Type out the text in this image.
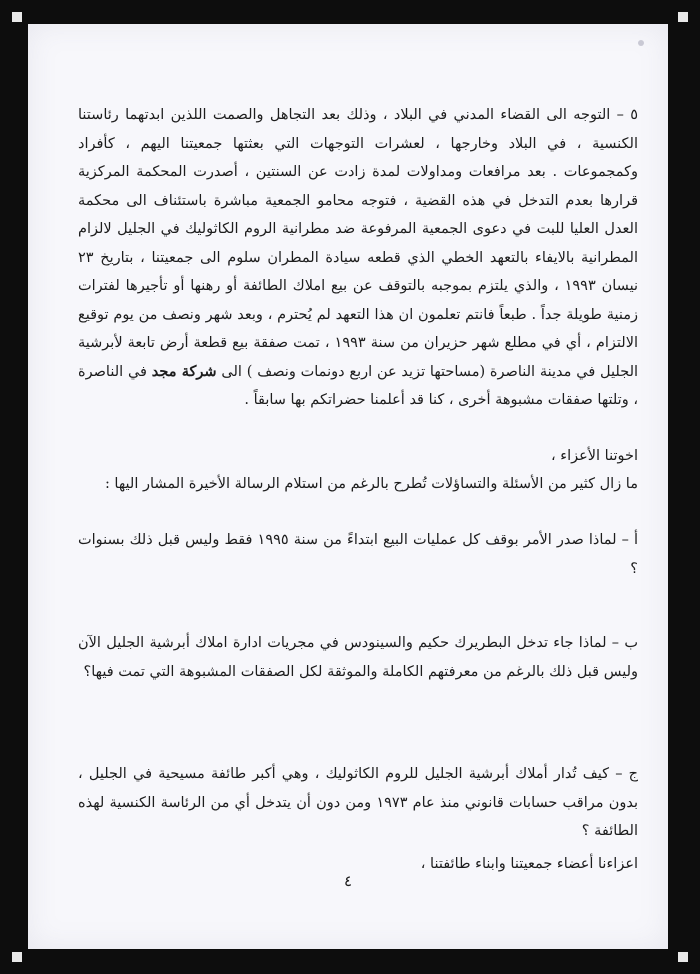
٥ – التوجه الى القضاء المدني في البلاد ، وذلك بعد التجاهل والصمت اللذين ابدتهما رئاستنا الكنسية ، في البلاد وخارجها ، لعشرات التوجهات التي بعثتها جمعيتنا اليهم ، كأفراد وكمجموعات . بعد مرافعات ومداولات لمدة زادت عن السنتين ، أصدرت المحكمة المركزية قرارها بعدم التدخل في هذه القضية ، فتوجه محامو الجمعية مباشرة باستئناف الى محكمة العدل العليا للبت في دعوى الجمعية المرفوعة ضد مطرانية الروم الكاثوليك في الجليل لالزام المطرانية بالايفاء بالتعهد الخطي الذي قطعه سيادة المطران سلوم الى جمعيتنا ، بتاريخ ٢٣ نيسان ١٩٩٣ ، والذي يلتزم بموجبه بالتوقف عن بيع املاك الطائفة أو رهنها أو تأجيرها لفترات زمنية طويلة جداً . طبعاً فانتم تعلمون ان هذا التعهد لم يُحترم ، وبعد شهر ونصف من يوم توقيع الالتزام ، أي في مطلع شهر حزيران من سنة ١٩٩٣ ، تمت صفقة بيع قطعة أرض تابعة لأبرشية الجليل في مدينة الناصرة (مساحتها تزيد عن اربع دونمات ونصف ) الى شركة مجد في الناصرة ، وتلتها صفقات مشبوهة أخرى ، كنا قد أعلمنا حضراتكم بها سابقاً .
اخوتنا الأعزاء ،
ما زال كثير من الأسئلة والتساؤلات تُطرح بالرغم من استلام الرسالة الأخيرة المشار اليها :
أ – لماذا صدر الأمر بوقف كل عمليات البيع ابتداءً من سنة ١٩٩٥ فقط وليس قبل ذلك بسنوات ؟
ب – لماذا جاء تدخل البطريرك حكيم والسينودس في مجريات ادارة املاك أبرشية الجليل الآن وليس قبل ذلك بالرغم من معرفتهم الكاملة والموثقة لكل الصفقات المشبوهة التي تمت فيها؟
ج – كيف تُدار أملاك أبرشية الجليل للروم الكاثوليك ، وهي أكبر طائفة مسيحية في الجليل ، بدون مراقب حسابات قانوني منذ عام ١٩٧٣ ومن دون أن يتدخل أي من الرئاسة الكنسية لهذه الطائفة ؟
اعزاءنا أعضاء جمعيتنا وابناء طائفتنا ،
٤
